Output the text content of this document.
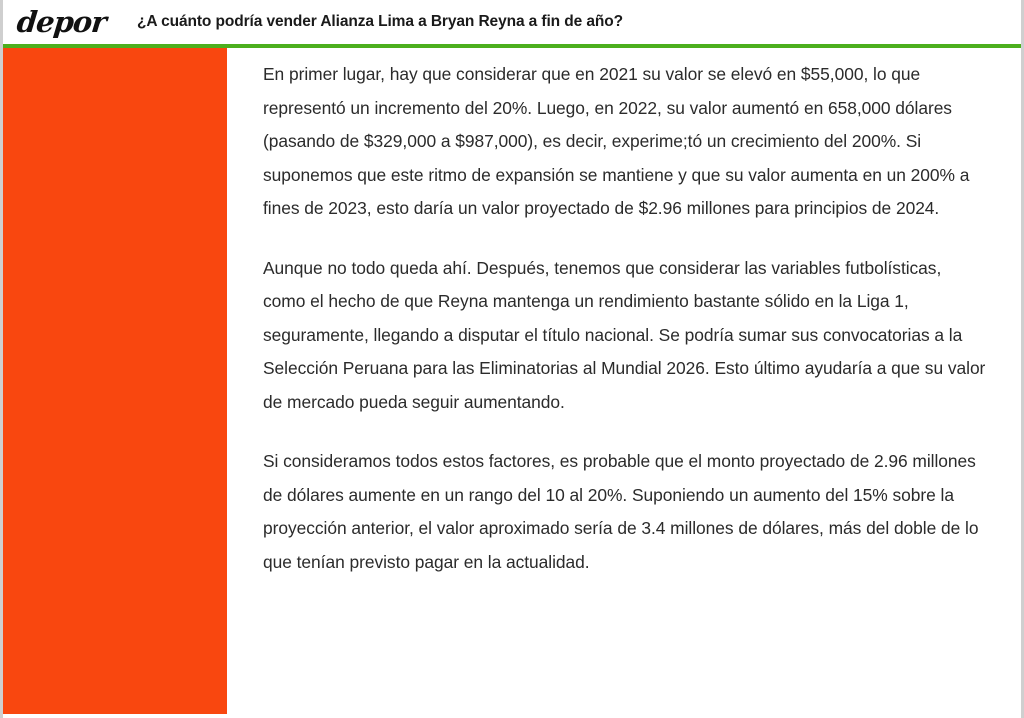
depor	¿A cuánto podría vender Alianza Lima a Bryan Reyna a fin de año?

En primer lugar, hay que considerar que en 2021 su valor se elevó en $55,000, lo que representó un incremento del 20%. Luego, en 2022, su valor aumentó en 658,000 dólares (pasando de $329,000 a $987,000), es decir, experime;tó un crecimiento del 200%. Si suponemos que este ritmo de expansión se mantiene y que su valor aumenta en un 200% a fines de 2023, esto daría un valor proyectado de $2.96 millones para principios de 2024.

Aunque no todo queda ahí. Después, tenemos que considerar las variables futbolísticas, como el hecho de que Reyna mantenga un rendimiento bastante sólido en la Liga 1, seguramente, llegando a disputar el título nacional. Se podría sumar sus convocatorias a la Selección Peruana para las Eliminatorias al Mundial 2026. Esto último ayudaría a que su valor de mercado pueda seguir aumentando.

Si consideramos todos estos factores, es probable que el monto proyectado de 2.96 millones de dólares aumente en un rango del 10 al 20%. Suponiendo un aumento del 15% sobre la proyección anterior, el valor aproximado sería de 3.4 millones de dólares, más del doble de lo que tenían previsto pagar en la actualidad.
